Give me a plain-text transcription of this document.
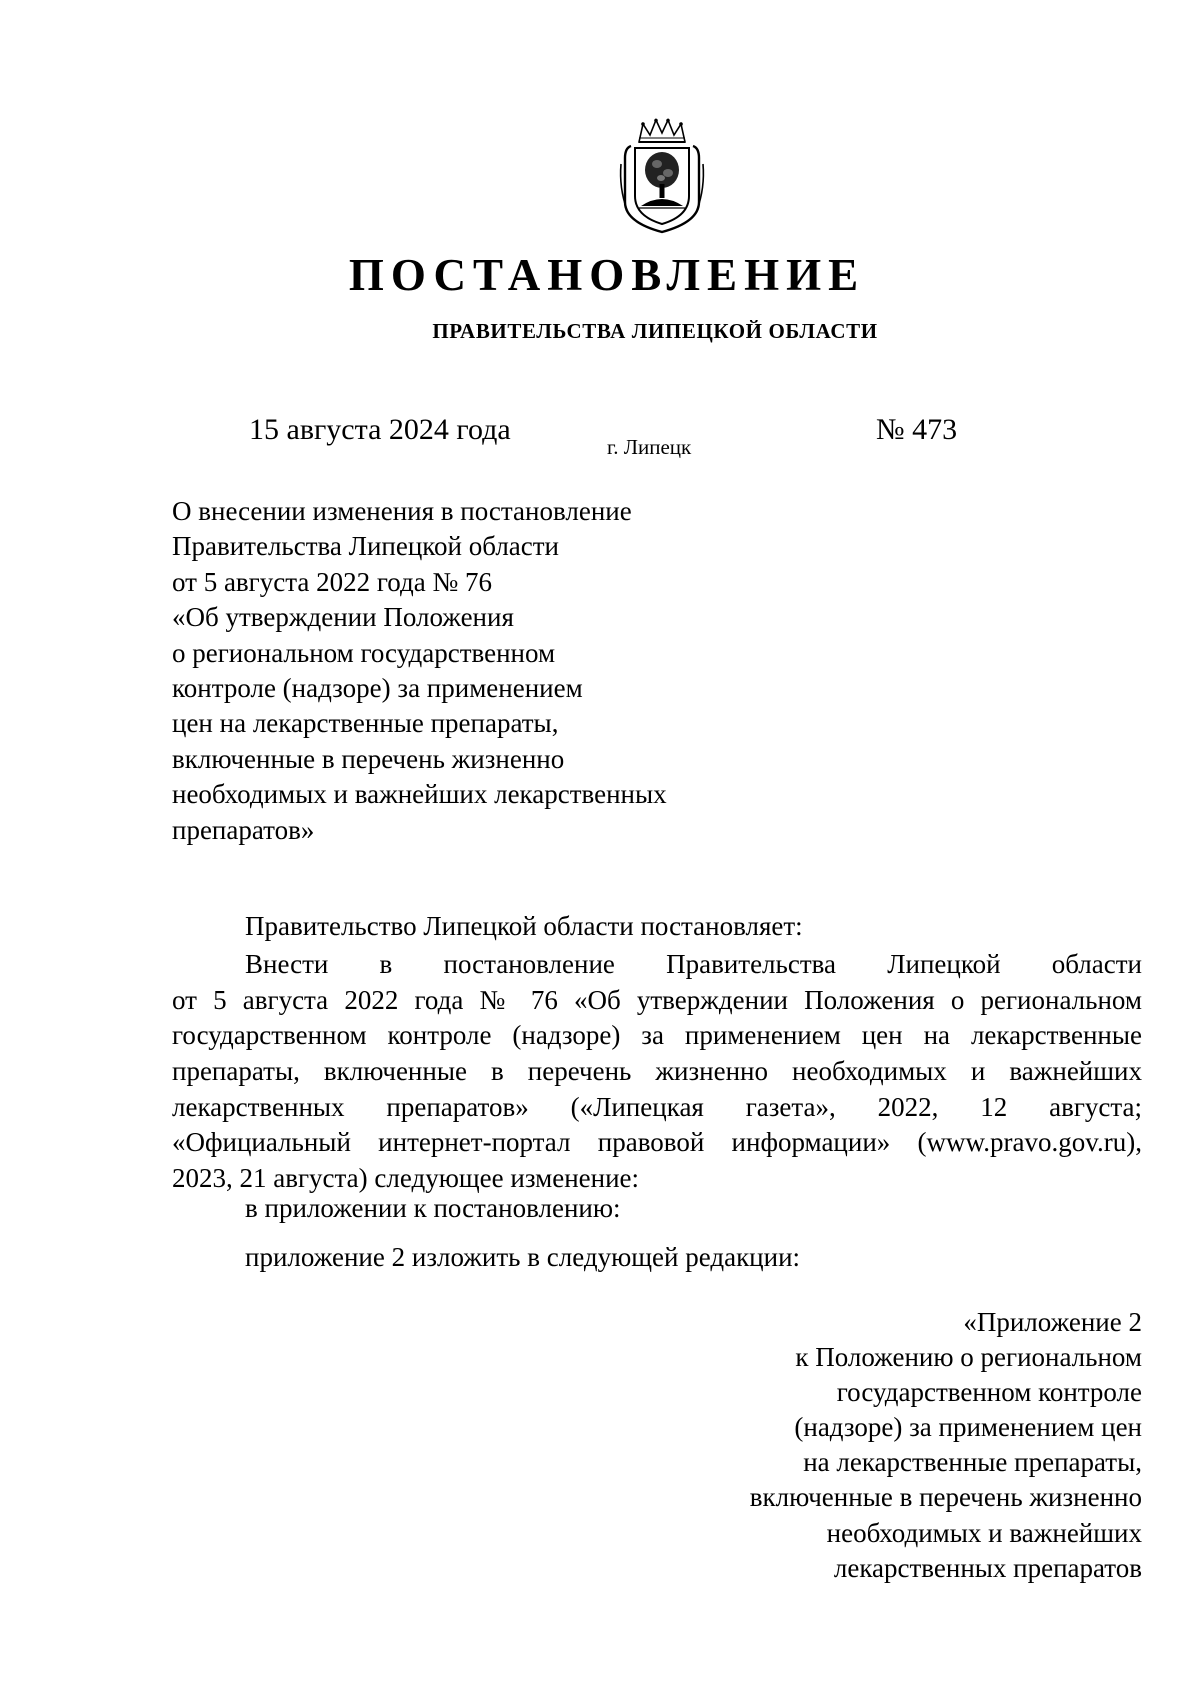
ПОСТАНОВЛЕНИЕ
ПРАВИТЕЛЬСТВА ЛИПЕЦКОЙ ОБЛАСТИ
15 августа 2024 года
г. Липецк
№ 473
О внесении изменения в постановление
Правительства Липецкой области
от 5 августа 2022 года № 76
«Об утверждении Положения
о региональном государственном
контроле (надзоре) за применением
цен на лекарственные препараты,
включенные в перечень жизненно
необходимых и важнейших лекарственных
препаратов»
Правительство Липецкой области постановляет:
Внести в постановление Правительства Липецкой области
от 5 августа 2022 года № 76 «Об утверждении Положения о региональном
государственном контроле (надзоре) за применением цен на лекарственные
препараты, включенные в перечень жизненно необходимых и важнейших
лекарственных препаратов» («Липецкая газета», 2022, 12 августа;
«Официальный интернет-портал правовой информации» (www.pravo.gov.ru),
2023, 21 августа) следующее изменение:
в приложении к постановлению:
приложение 2 изложить в следующей редакции:
«Приложение 2
к Положению о региональном
государственном контроле
(надзоре) за применением цен
на лекарственные препараты,
включенные в перечень жизненно
необходимых и важнейших
лекарственных препаратов
